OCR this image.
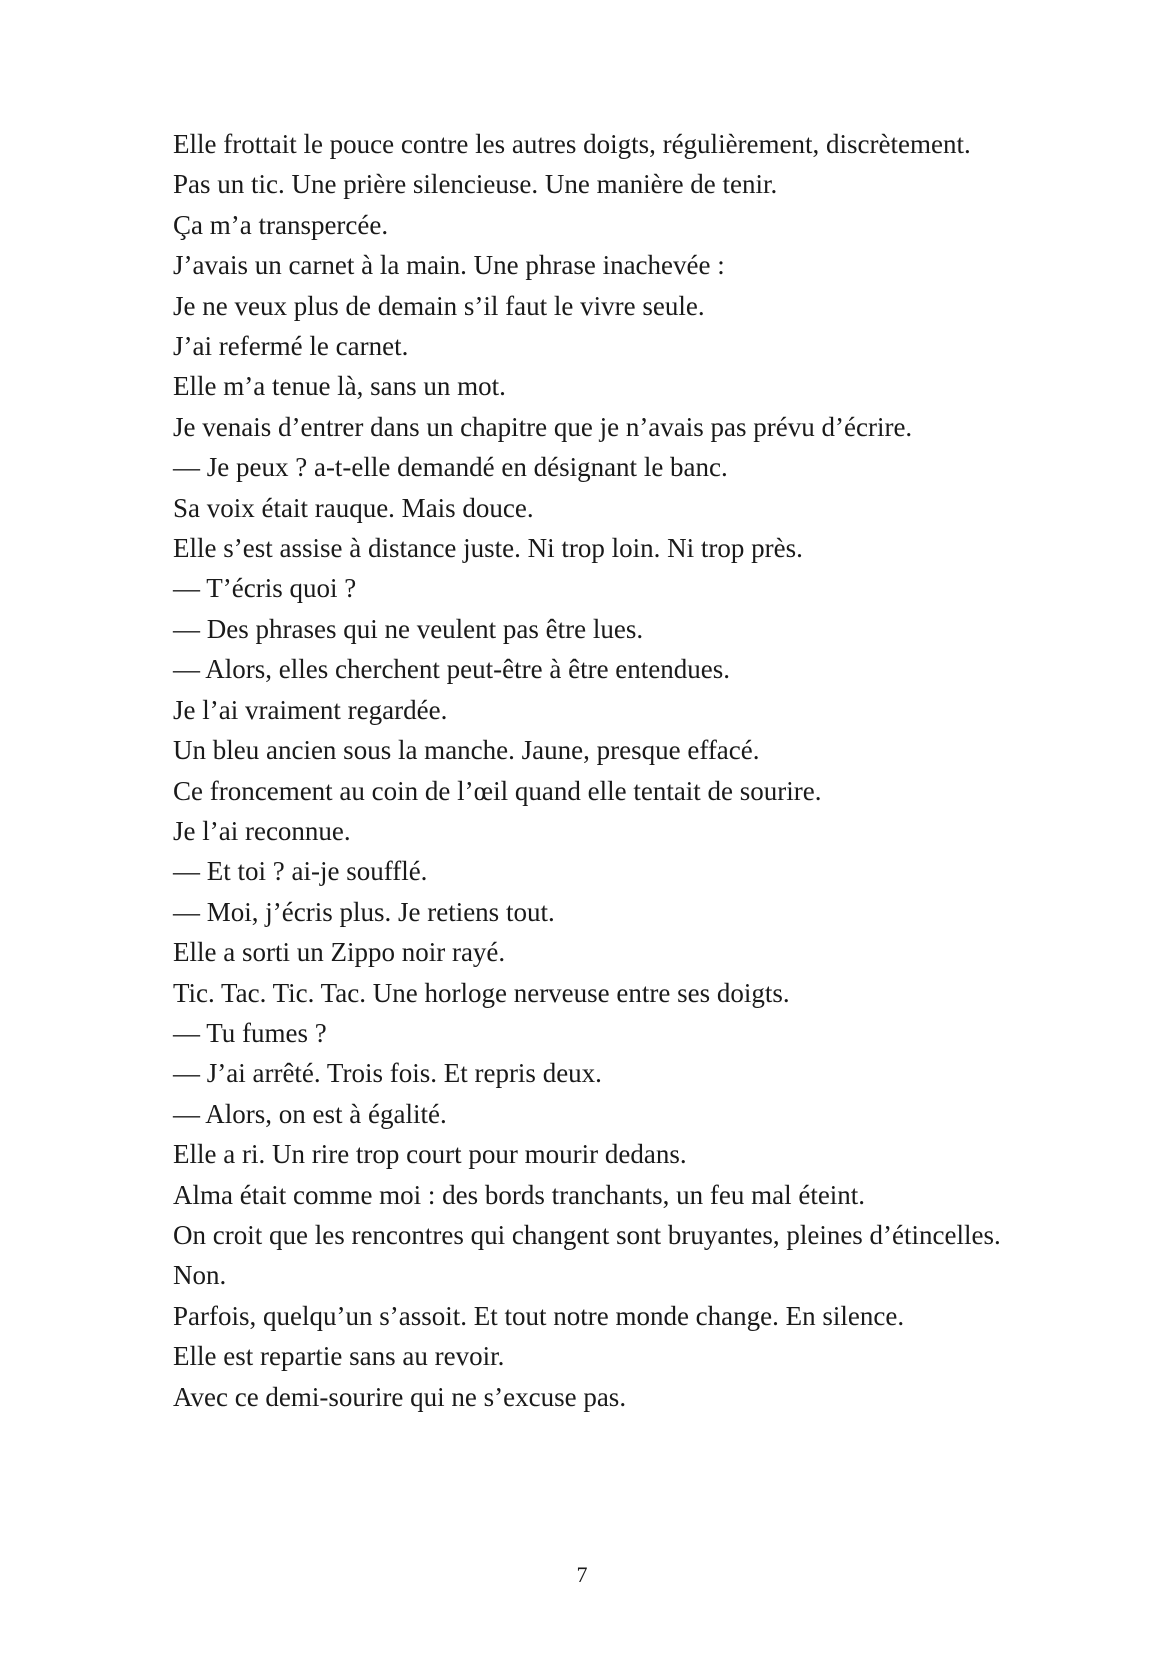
Elle frottait le pouce contre les autres doigts, régulièrement, discrètement.

Pas un tic. Une prière silencieuse. Une manière de tenir.

Ça m’a transpercée.

J’avais un carnet à la main. Une phrase inachevée :

Je ne veux plus de demain s’il faut le vivre seule.

J’ai refermé le carnet.

Elle m’a tenue là, sans un mot.

Je venais d’entrer dans un chapitre que je n’avais pas prévu d’écrire.

— Je peux ? a-t-elle demandé en désignant le banc.

Sa voix était rauque. Mais douce.

Elle s’est assise à distance juste. Ni trop loin. Ni trop près.

— T’écris quoi ?

— Des phrases qui ne veulent pas être lues.

— Alors, elles cherchent peut-être à être entendues.

Je l’ai vraiment regardée.

Un bleu ancien sous la manche. Jaune, presque effacé.

Ce froncement au coin de l’œil quand elle tentait de sourire.

Je l’ai reconnue.

— Et toi ? ai-je soufflé.

— Moi, j’écris plus. Je retiens tout.

Elle a sorti un Zippo noir rayé.

Tic. Tac. Tic. Tac. Une horloge nerveuse entre ses doigts.

— Tu fumes ?

— J’ai arrêté. Trois fois. Et repris deux.

— Alors, on est à égalité.

Elle a ri. Un rire trop court pour mourir dedans.

Alma était comme moi : des bords tranchants, un feu mal éteint.

On croit que les rencontres qui changent sont bruyantes, pleines d’étincelles.

Non.

Parfois, quelqu’un s’assoit. Et tout notre monde change. En silence.

Elle est repartie sans au revoir.

Avec ce demi-sourire qui ne s’excuse pas.

7
